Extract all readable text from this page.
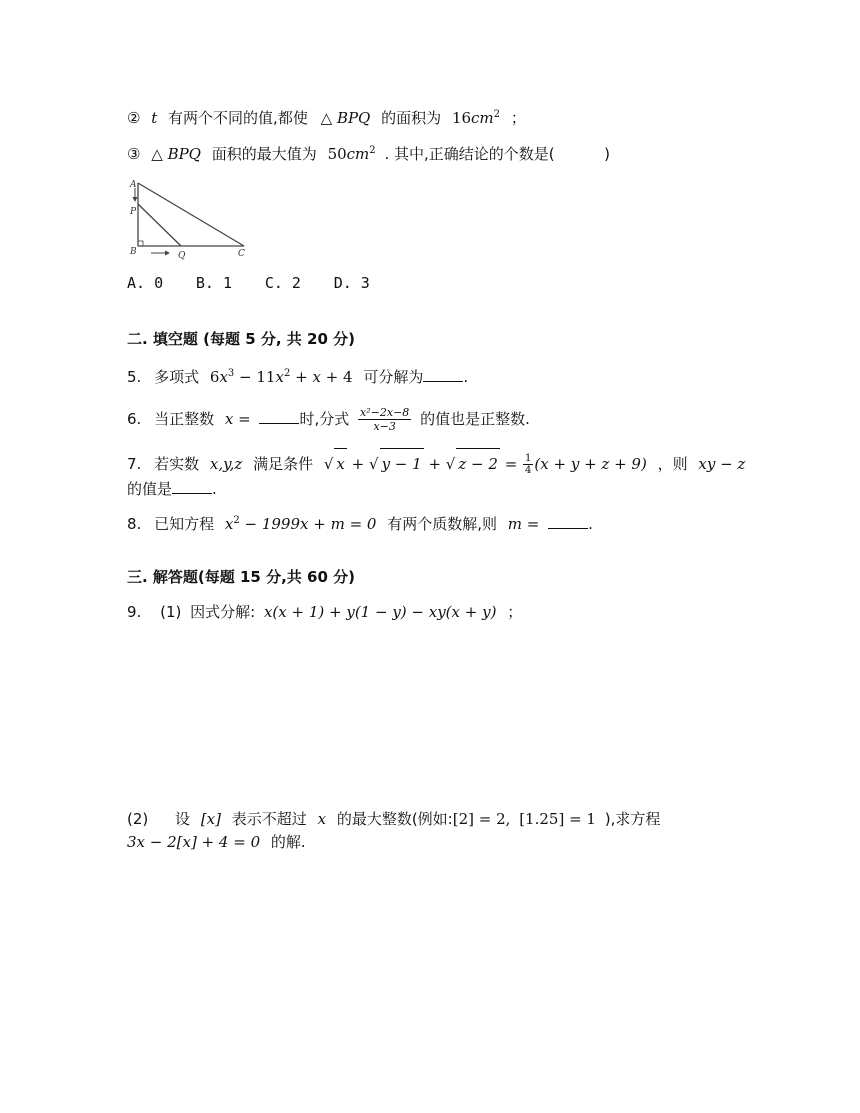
② t 有两个不同的值,都使 △ BPQ 的面积为 $16cm^2$ ；
③ △ BPQ 面积的最大值为 $50cm^2$ . 其中,正确结论的个数是(	)
A
P
B	Q	C
A. 0 B. 1 C. 2 D. 3
二. 填空题 (每题 5 分, 共 20 分)
5. 多项式 $6x^3 - 11x^2 + x + 4$ 可分解为	.
6. 当正整数 x =	时,分式 $\frac{\text{x²−2x−8}}{x-3}$ 的值也是正整数.
7. 若实数 x,y,z 满足条件 √ x + √ y − 1 + √ $z - 2 = \frac{1}{4} (x + y + z + 9)$ ，则 xy − z
的值是	.
8. 已知方程 $x^2 - 1999x + m = 0$ 有两个质数解,则 m =	.
三. 解答题(每题 15 分,共 60 分)
9. (1) 因式分解: x(x + 1) + y(1 − y) − xy(x + y) ；
(2) 设 [x] 表示不超过 x 的最大整数(例如:[2] = 2, [1.25] = 1 ),求方程
3x − 2[x] + 4 = 0 的解.
